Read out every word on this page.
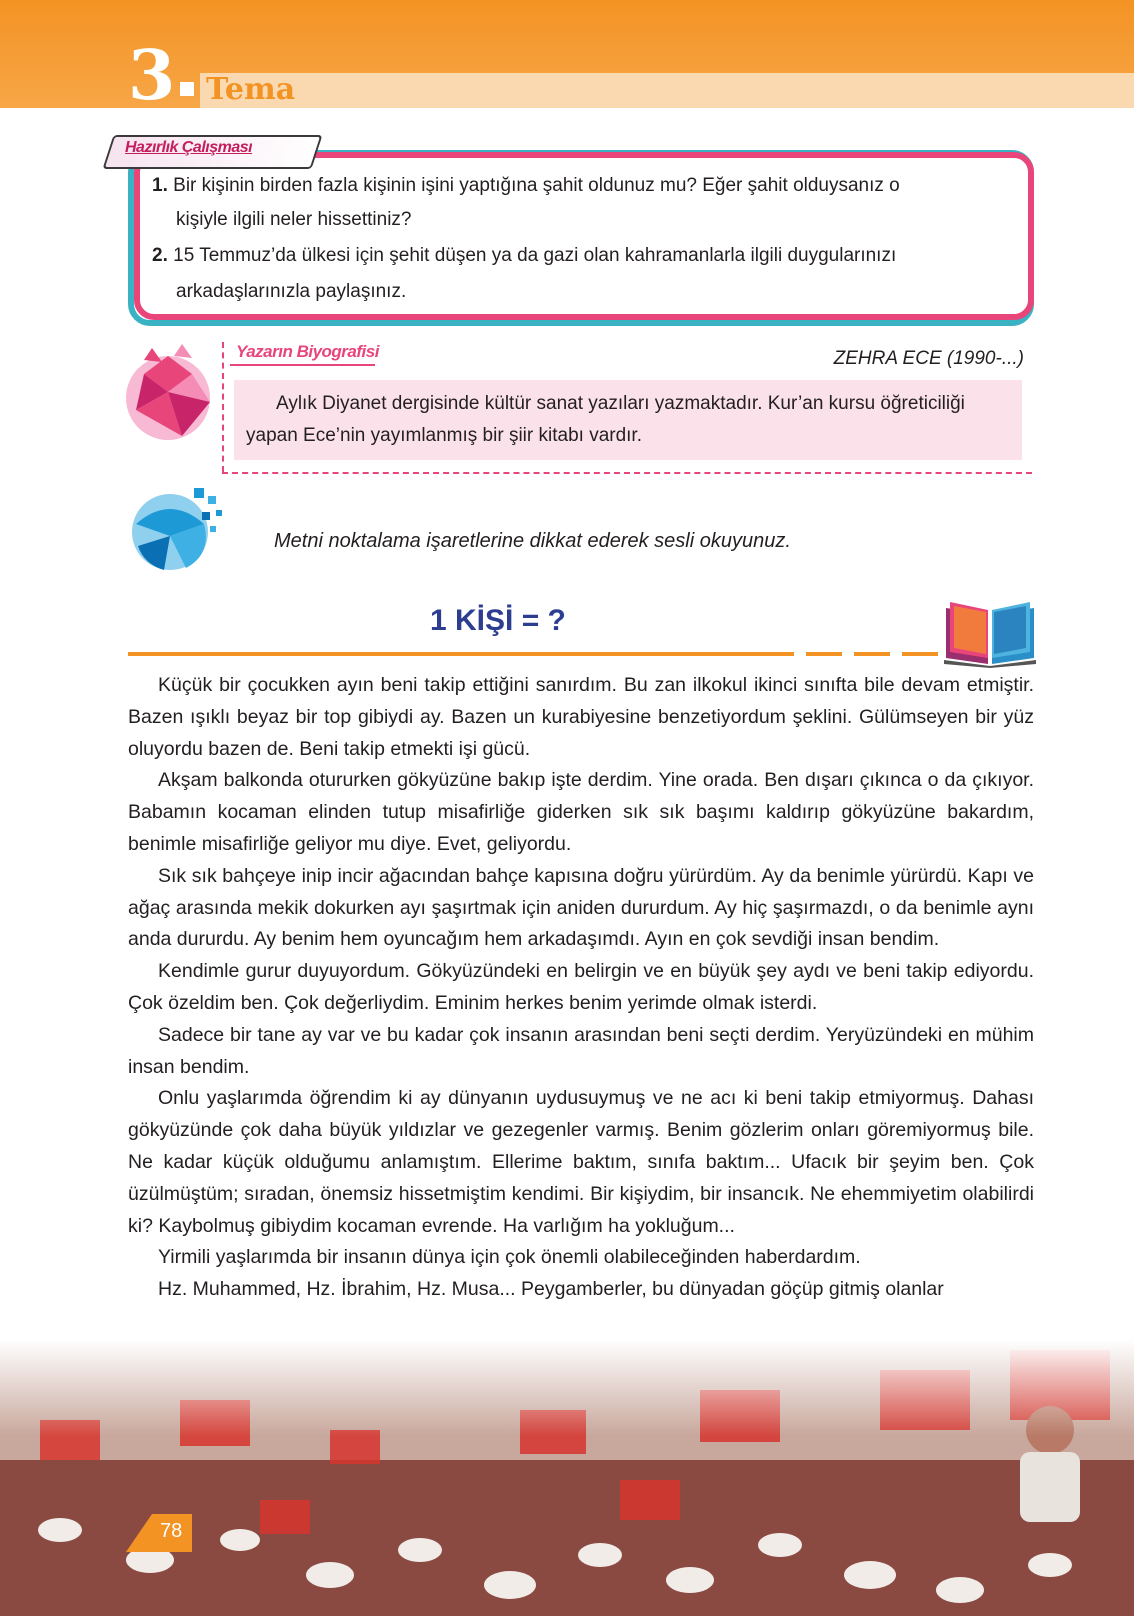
3 Tema
Hazırlık Çalışması
1. Bir kişinin birden fazla kişinin işini yaptığına şahit oldunuz mu? Eğer şahit olduysanız o
kişiyle ilgili neler hissettiniz?
2. 15 Temmuz’da ülkesi için şehit düşen ya da gazi olan kahramanlarla ilgili duygularınızı
arkadaşlarınızla paylaşınız.
Yazarın Biyografisi	ZEHRA ECE (1990-...)
Aylık Diyanet dergisinde kültür sanat yazıları yazmaktadır. Kur’an kursu öğreticiliği yapan Ece’nin yayımlanmış bir şiir kitabı vardır.
Metni noktalama işaretlerine dikkat ederek sesli okuyunuz.
1 KİŞİ = ?

Küçük bir çocukken ayın beni takip ettiğini sanırdım. Bu zan ilkokul ikinci sınıfta bile devam etmiştir. Bazen ışıklı beyaz bir top gibiydi ay. Bazen un kurabiyesine benzetiyordum şeklini. Gülümseyen bir yüz oluyordu bazen de. Beni takip etmekti işi gücü.

Akşam balkonda otururken gökyüzüne bakıp işte derdim. Yine orada. Ben dışarı çıkınca o da çıkıyor. Babamın kocaman elinden tutup misafirliğe giderken sık sık başımı kaldırıp gökyüzüne bakardım, benimle misafirliğe geliyor mu diye. Evet, geliyordu.

Sık sık bahçeye inip incir ağacından bahçe kapısına doğru yürürdüm. Ay da benimle yürürdü. Kapı ve ağaç arasında mekik dokurken ayı şaşırtmak için aniden dururdum. Ay hiç şaşırmazdı, o da benimle aynı anda dururdu. Ay benim hem oyuncağım hem arkadaşımdı. Ayın en çok sevdiği insan bendim.

Kendimle gurur duyuyordum. Gökyüzündeki en belirgin ve en büyük şey aydı ve beni takip ediyordu. Çok özeldim ben. Çok değerliydim. Eminim herkes benim yerimde olmak isterdi.

Sadece bir tane ay var ve bu kadar çok insanın arasından beni seçti derdim. Yeryüzündeki en mühim insan bendim.

Onlu yaşlarımda öğrendim ki ay dünyanın uydusuymuş ve ne acı ki beni takip etmiyormuş. Dahası gökyüzünde çok daha büyük yıldızlar ve gezegenler varmış. Benim gözlerim onları göremiyormuş bile. Ne kadar küçük olduğumu anlamıştım. Ellerime baktım, sınıfa baktım... Ufacık bir şeyim ben. Çok üzülmüştüm; sıradan, önemsiz hissetmiştim kendimi. Bir kişiydim, bir insancık. Ne ehemmiyetim olabilirdi ki? Kaybolmuş gibiydim kocaman evrende. Ha varlığım ha yokluğum...

Yirmili yaşlarımda bir insanın dünya için çok önemli olabileceğinden haberdardım.

Hz. Muhammed, Hz. İbrahim, Hz. Musa... Peygamberler, bu dünyadan göçüp gitmiş olanlar

78
